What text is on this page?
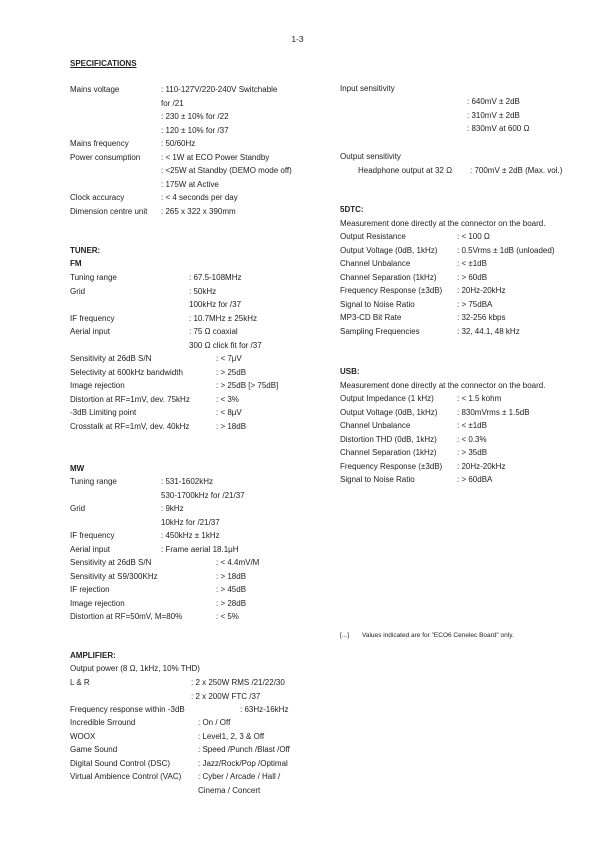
1-3
SPECIFICATIONS
Mains voltage	: 110-127V/220-240V Switchable
for /21
: 230 ± 10% for /22
: 120 ± 10% for /37
Mains frequency	: 50/60Hz
Power consumption	: < 1W at ECO Power Standby
: <25W at Standby (DEMO mode off)
: 175W at Active
Clock accuracy	: < 4 seconds per day
Dimension centre unit : 265 x 322 x 390mm
TUNER:
FM
Tuning range	: 67.5-108MHz
Grid	: 50kHz
100kHz for /37
IF frequency	: 10.7MHz ± 25kHz
Aerial input	: 75 Ω coaxial
300 Ω click fit for /37
Sensitivity at 26dB S/N	: < 7μV
Selectivity at 600kHz bandwidth	: > 25dB
Image rejection	: > 25dB [> 75dB]
Distortion at RF=1mV, dev. 75kHz	: < 3%
-3dB Limiting point	: < 8μV
Crosstalk at RF=1mV, dev. 40kHz	: > 18dB
MW
Tuning range	: 531-1602kHz
530-1700kHz for /21/37
Grid	: 9kHz
10kHz for /21/37
IF frequency	: 450kHz ± 1kHz
Aerial input	: Frame aerial 18.1μH
Sensitivity at 26dB S/N	: < 4.4mV/M
Sensitivity at S9/300KHz	: > 18dB
IF rejection	: > 45dB
Image rejection	: > 28dB
Distortion at RF=50mV, M=80%	: < 5%
AMPLIFIER:
Output power (8 Ω, 1kHz, 10% THD)
L & R	: 2 x 250W RMS /21/22/30
: 2 x 200W FTC /37
Frequency response within -3dB	: 63Hz-16kHz
Incredible Srround	: On / Off
WOOX	: Level1, 2, 3 & Off
Game Sound	: Speed /Punch /Blast /Off
Digital Sound Control (DSC)	: Jazz/Rock/Pop /Optimal
Virtual Ambience Control (VAC) : Cyber / Arcade / Hall /
Cinema / Concert
Input sensitivity
: 640mV ± 2dB
: 310mV ± 2dB
: 830mV at 600 Ω
Output sensitivity
Headphone output at 32 Ω : 700mV ± 2dB (Max. vol.)
5DTC:
Measurement done directly at the connector on the board.
Output Resistance	: < 100 Ω
Output Voltage (0dB, 1kHz) : 0.5Vrms ± 1dB (unloaded)
Channel Unbalance	: < ±1dB
Channel Separation (1kHz)	: > 60dB
Frequency Response (±3dB) : 20Hz-20kHz
Signal to Noise Ratio	: > 75dBA
MP3-CD Bit Rate	: 32-256 kbps
Sampling Frequencies	: 32, 44.1, 48 kHz
USB:
Measurement done directly at the connector on the board.
Output Impedance (1 kHz)	: < 1.5 kohm
Output Voltage (0dB, 1kHz) : 830mVrms ± 1.5dB
Channel Unbalance	: < ±1dB
Distortion THD (0dB, 1kHz)	: < 0.3%
Channel Separation (1kHz)	: > 35dB
Frequency Response (±3dB) : 20Hz-20kHz
Signal to Noise Ratio	: > 60dBA
[...] Values indicated are for "ECO6 Cenelec Board" only.
